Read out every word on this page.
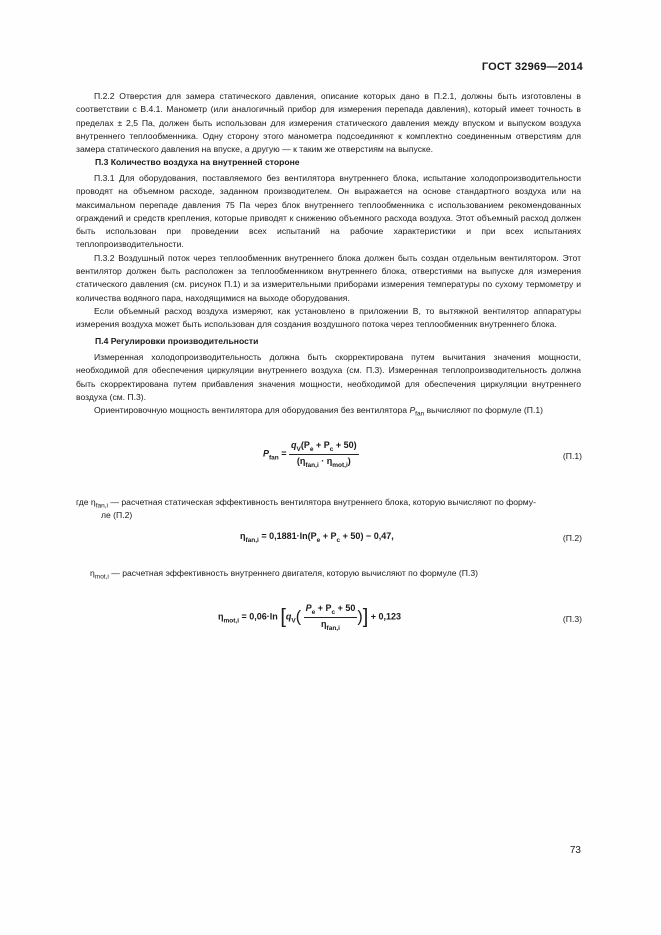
ГОСТ 32969—2014

П.2.2 Отверстия для замера статического давления, описание которых дано в П.2.1, должны быть изготовлены в соответствии с В.4.1. Манометр (или аналогичный прибор для измерения перепада давления), который имеет точность в пределах ± 2,5 Па, должен быть использован для измерения статического давления между впуском и выпуском воздуха внутреннего теплообменника. Одну сторону этого манометра подсоединяют к комплектно соединенным отверстиям для замера статического давления на впуске, а другую — к таким же отверстиям на выпуске.

П.3 Количество воздуха на внутренней стороне

П.3.1 Для оборудования, поставляемого без вентилятора внутреннего блока, испытание холодопроизводительности проводят на объемном расходе, заданном производителем. Он выражается на основе стандартного воздуха или на максимальном перепаде давления 75 Па через блок внутреннего теплообменника с использованием рекомендованных ограждений и средств крепления, которые приводят к снижению объемного расхода воздуха. Этот объемный расход должен быть использован при проведении всех испытаний на рабочие характеристики и при всех испытаниях теплопроизводительности.

П.3.2 Воздушный поток через теплообменник внутреннего блока должен быть создан отдельным вентилятором. Этот вентилятор должен быть расположен за теплообменником внутреннего блока, отверстиями на выпуске для измерения статического давления (см. рисунок П.1) и за измерительными приборами измерения температуры по сухому термометру и количества водяного пара, находящимися на выходе оборудования.

Если объемный расход воздуха измеряют, как установлено в приложении В, то вытяжной вентилятор аппаратуры измерения воздуха может быть использован для создания воздушного потока через теплообменник внутреннего блока.

П.4 Регулировки производительности

Измеренная холодопроизводительность должна быть скорректирована путем вычитания значения мощности, необходимой для обеспечения циркуляции внутреннего воздуха (см. П.3). Измеренная теплопроизводительность должна быть скорректирована путем прибавления значения мощности, необходимой для обеспечения циркуляции внутреннего воздуха (см. П.3).

Ориентировочную мощность вентилятора для оборудования без вентилятора $P_{fan}$ вычисляют по формуле (П.1)

$P_{fan} = \frac{q_V(P_e + P_c + 50)}{(\eta_{fan,i} \cdot \eta_{mot,i})}$	(П.1)
где $\eta_{fan,i}$ — расчетная статическая эффективность вентилятора внутреннего блока, которую вычисляют по форму-
ле (П.2)
$\eta_{fan,i} = 0,1881\cdot\ln(P_e + P_c + 50) - 0,47$,	(П.2)
$\eta_{mot,i}$ — расчетная эффективность внутреннего двигателя, которую вычисляют по формуле (П.3)
$\eta_{mot,i} = 0,06\cdot\ln$ [$q_V( \frac{P_e + P_c + 50}{\eta_{fan,i}}$ )] + 0,123	(П.3)
73
